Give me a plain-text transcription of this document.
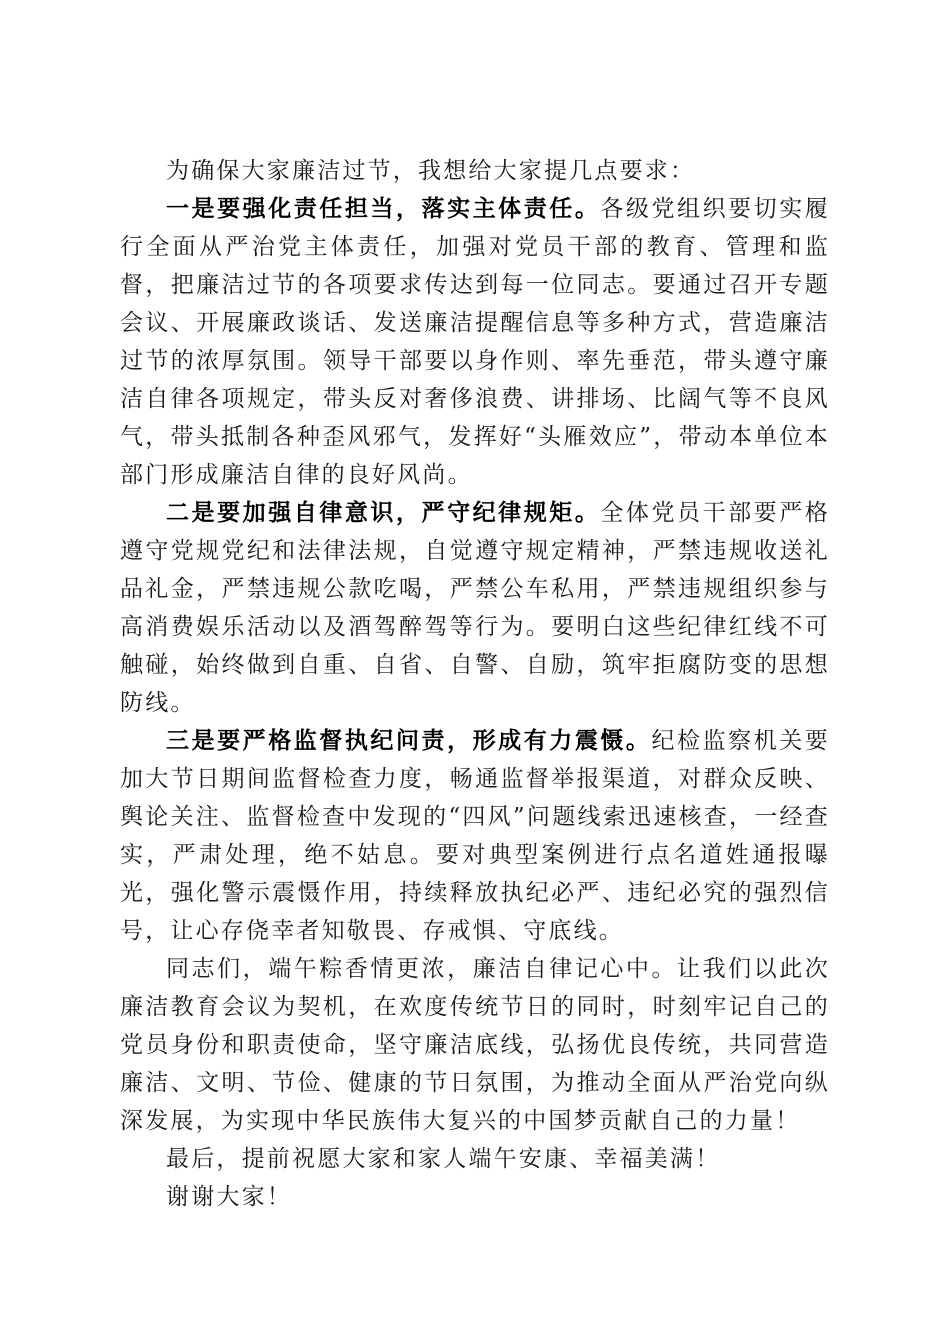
为确保大家廉洁过节，我想给大家提几点要求：

一是要强化责任担当，落实主体责任。各级党组织要切实履行全面从严治党主体责任，加强对党员干部的教育、管理和监督，把廉洁过节的各项要求传达到每一位同志。要通过召开专题会议、开展廉政谈话、发送廉洁提醒信息等多种方式，营造廉洁过节的浓厚氛围。领导干部要以身作则、率先垂范，带头遵守廉洁自律各项规定，带头反对奢侈浪费、讲排场、比阔气等不良风气，带头抵制各种歪风邪气，发挥好“头雁效应”，带动本单位本部门形成廉洁自律的良好风尚。

二是要加强自律意识，严守纪律规矩。全体党员干部要严格遵守党规党纪和法律法规，自觉遵守规定精神，严禁违规收送礼品礼金，严禁违规公款吃喝，严禁公车私用，严禁违规组织参与高消费娱乐活动以及酒驾醉驾等行为。要明白这些纪律红线不可触碰，始终做到自重、自省、自警、自励，筑牢拒腐防变的思想防线。

三是要严格监督执纪问责，形成有力震慑。纪检监察机关要加大节日期间监督检查力度，畅通监督举报渠道，对群众反映、舆论关注、监督检查中发现的“四风”问题线索迅速核查，一经查实，严肃处理，绝不姑息。要对典型案例进行点名道姓通报曝光，强化警示震慑作用，持续释放执纪必严、违纪必究的强烈信号，让心存侥幸者知敬畏、存戒惧、守底线。

同志们，端午粽香情更浓，廉洁自律记心中。让我们以此次廉洁教育会议为契机，在欢度传统节日的同时，时刻牢记自己的党员身份和职责使命，坚守廉洁底线，弘扬优良传统，共同营造廉洁、文明、节俭、健康的节日氛围，为推动全面从严治党向纵深发展，为实现中华民族伟大复兴的中国梦贡献自己的力量！

最后，提前祝愿大家和家人端午安康、幸福美满！

谢谢大家！
